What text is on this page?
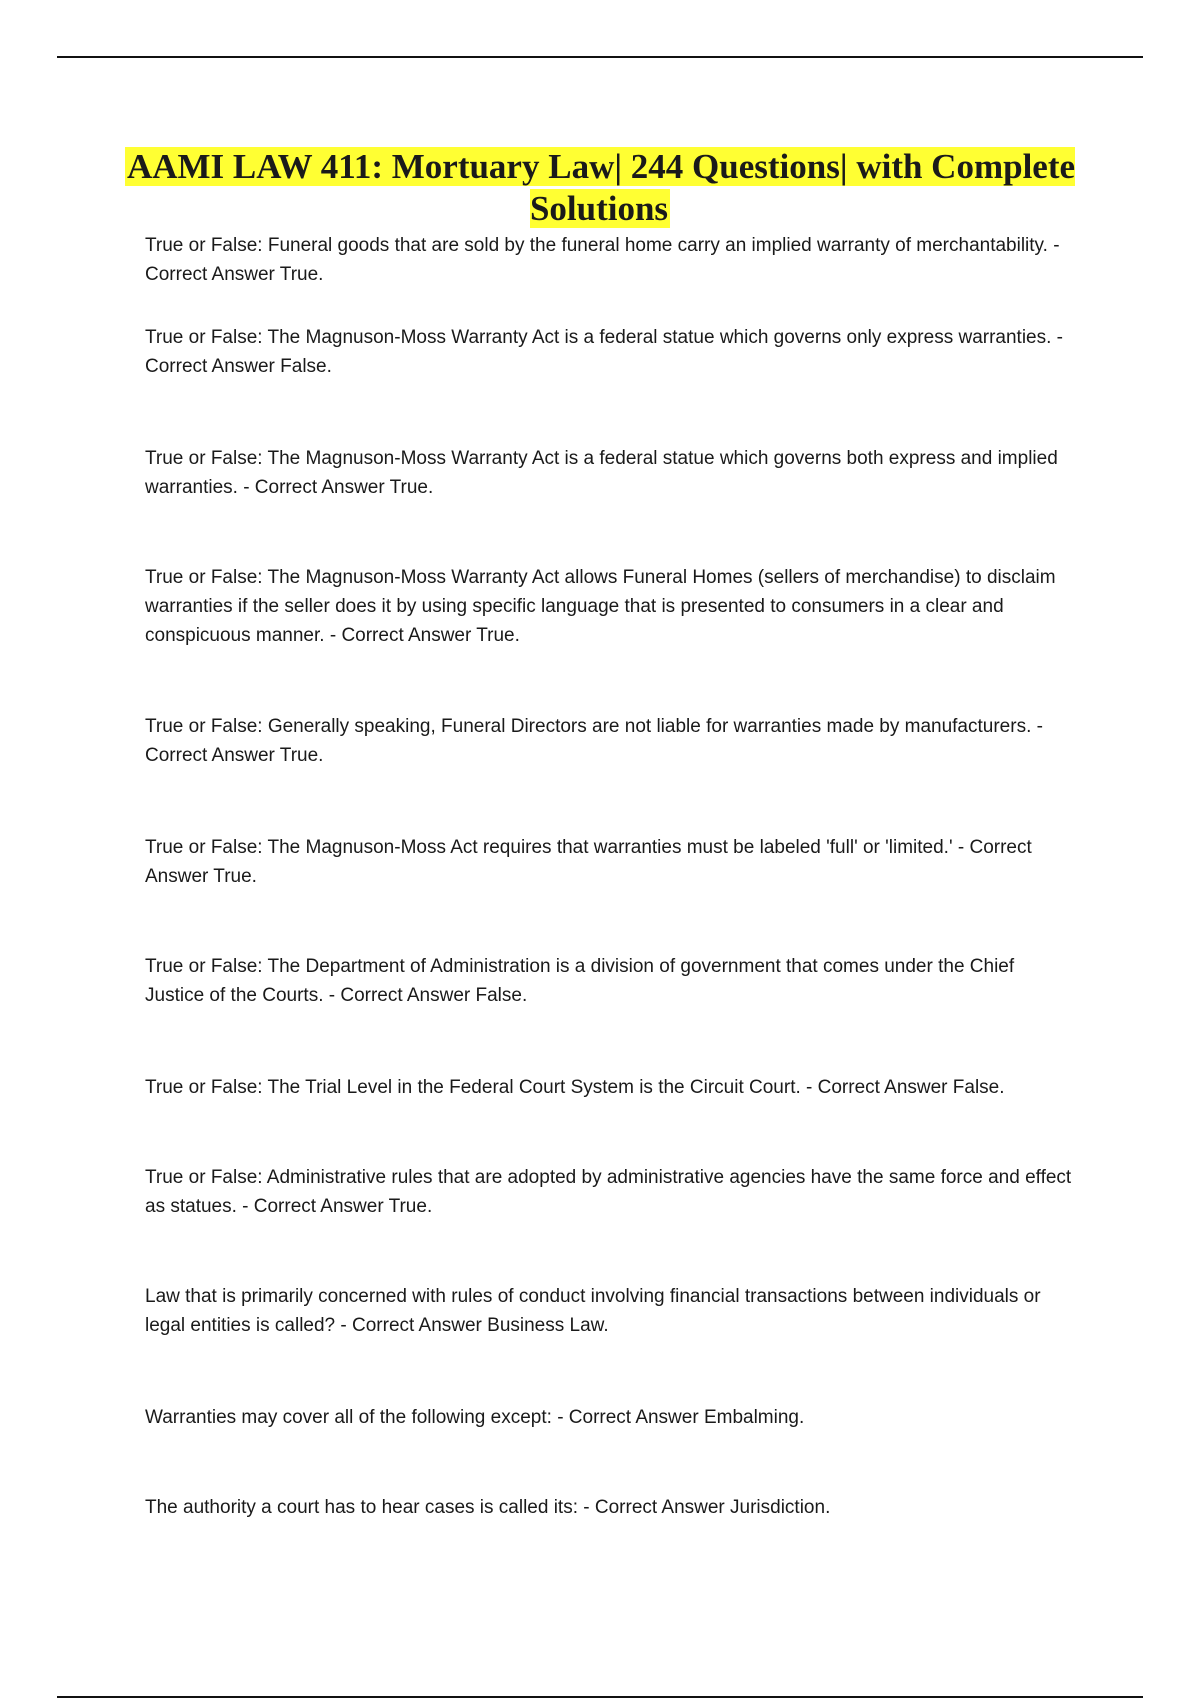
AAMI LAW 411: Mortuary Law| 244 Questions| with Complete Solutions
True or False: Funeral goods that are sold by the funeral home carry an implied warranty of merchantability. - Correct Answer True.
True or False: The Magnuson-Moss Warranty Act is a federal statue which governs only express warranties. - Correct Answer False.
True or False: The Magnuson-Moss Warranty Act is a federal statue which governs both express and implied warranties. - Correct Answer True.
True or False: The Magnuson-Moss Warranty Act allows Funeral Homes (sellers of merchandise) to disclaim warranties if the seller does it by using specific language that is presented to consumers in a clear and conspicuous manner. - Correct Answer True.
True or False: Generally speaking, Funeral Directors are not liable for warranties made by manufacturers. - Correct Answer True.
True or False: The Magnuson-Moss Act requires that warranties must be labeled 'full' or 'limited.' - Correct Answer True.
True or False: The Department of Administration is a division of government that comes under the Chief Justice of the Courts. - Correct Answer False.
True or False: The Trial Level in the Federal Court System is the Circuit Court. - Correct Answer False.
True or False: Administrative rules that are adopted by administrative agencies have the same force and effect as statues. - Correct Answer True.
Law that is primarily concerned with rules of conduct involving financial transactions between individuals or legal entities is called? - Correct Answer Business Law.
Warranties may cover all of the following except: - Correct Answer Embalming.
The authority a court has to hear cases is called its: - Correct Answer Jurisdiction.
